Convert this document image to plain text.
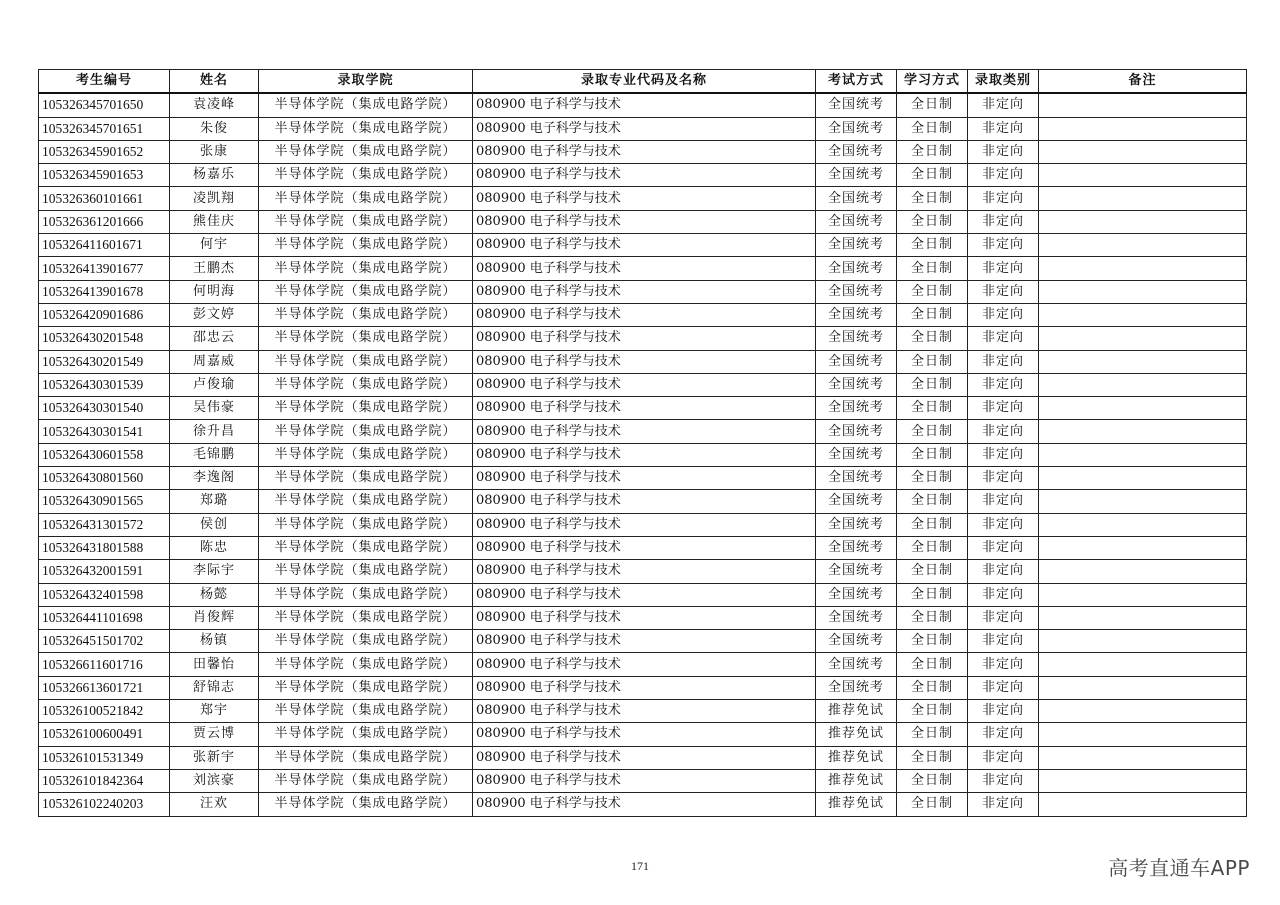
考生编号	姓名	录取学院	录取专业代码及名称	考试方式	学习方式	录取类别	备注
105326345701650	袁凌峰	半导体学院（集成电路学院）	080900 电子科学与技术	全国统考	全日制	非定向	
105326345701651	朱俊	半导体学院（集成电路学院）	080900 电子科学与技术	全国统考	全日制	非定向	
105326345901652	张康	半导体学院（集成电路学院）	080900 电子科学与技术	全国统考	全日制	非定向	
105326345901653	杨嘉乐	半导体学院（集成电路学院）	080900 电子科学与技术	全国统考	全日制	非定向	
105326360101661	凌凯翔	半导体学院（集成电路学院）	080900 电子科学与技术	全国统考	全日制	非定向	
105326361201666	熊佳庆	半导体学院（集成电路学院）	080900 电子科学与技术	全国统考	全日制	非定向	
105326411601671	何宇	半导体学院（集成电路学院）	080900 电子科学与技术	全国统考	全日制	非定向	
105326413901677	王鹏杰	半导体学院（集成电路学院）	080900 电子科学与技术	全国统考	全日制	非定向	
105326413901678	何明海	半导体学院（集成电路学院）	080900 电子科学与技术	全国统考	全日制	非定向	
105326420901686	彭文婷	半导体学院（集成电路学院）	080900 电子科学与技术	全国统考	全日制	非定向	
105326430201548	邵忠云	半导体学院（集成电路学院）	080900 电子科学与技术	全国统考	全日制	非定向	
105326430201549	周嘉威	半导体学院（集成电路学院）	080900 电子科学与技术	全国统考	全日制	非定向	
105326430301539	卢俊瑜	半导体学院（集成电路学院）	080900 电子科学与技术	全国统考	全日制	非定向	
105326430301540	吴伟豪	半导体学院（集成电路学院）	080900 电子科学与技术	全国统考	全日制	非定向	
105326430301541	徐升昌	半导体学院（集成电路学院）	080900 电子科学与技术	全国统考	全日制	非定向	
105326430601558	毛锦鹏	半导体学院（集成电路学院）	080900 电子科学与技术	全国统考	全日制	非定向	
105326430801560	李逸阁	半导体学院（集成电路学院）	080900 电子科学与技术	全国统考	全日制	非定向	
105326430901565	郑璐	半导体学院（集成电路学院）	080900 电子科学与技术	全国统考	全日制	非定向	
105326431301572	侯创	半导体学院（集成电路学院）	080900 电子科学与技术	全国统考	全日制	非定向	
105326431801588	陈忠	半导体学院（集成电路学院）	080900 电子科学与技术	全国统考	全日制	非定向	
105326432001591	李际宇	半导体学院（集成电路学院）	080900 电子科学与技术	全国统考	全日制	非定向	
105326432401598	杨懿	半导体学院（集成电路学院）	080900 电子科学与技术	全国统考	全日制	非定向	
105326441101698	肖俊辉	半导体学院（集成电路学院）	080900 电子科学与技术	全国统考	全日制	非定向	
105326451501702	杨镇	半导体学院（集成电路学院）	080900 电子科学与技术	全国统考	全日制	非定向	
105326611601716	田馨怡	半导体学院（集成电路学院）	080900 电子科学与技术	全国统考	全日制	非定向	
105326613601721	舒锦志	半导体学院（集成电路学院）	080900 电子科学与技术	全国统考	全日制	非定向	
105326100521842	郑宇	半导体学院（集成电路学院）	080900 电子科学与技术	推荐免试	全日制	非定向	
105326100600491	贾云博	半导体学院（集成电路学院）	080900 电子科学与技术	推荐免试	全日制	非定向	
105326101531349	张新宇	半导体学院（集成电路学院）	080900 电子科学与技术	推荐免试	全日制	非定向	
105326101842364	刘滨豪	半导体学院（集成电路学院）	080900 电子科学与技术	推荐免试	全日制	非定向	
105326102240203	汪欢	半导体学院（集成电路学院）	080900 电子科学与技术	推荐免试	全日制	非定向	
171	高考直通车APP
